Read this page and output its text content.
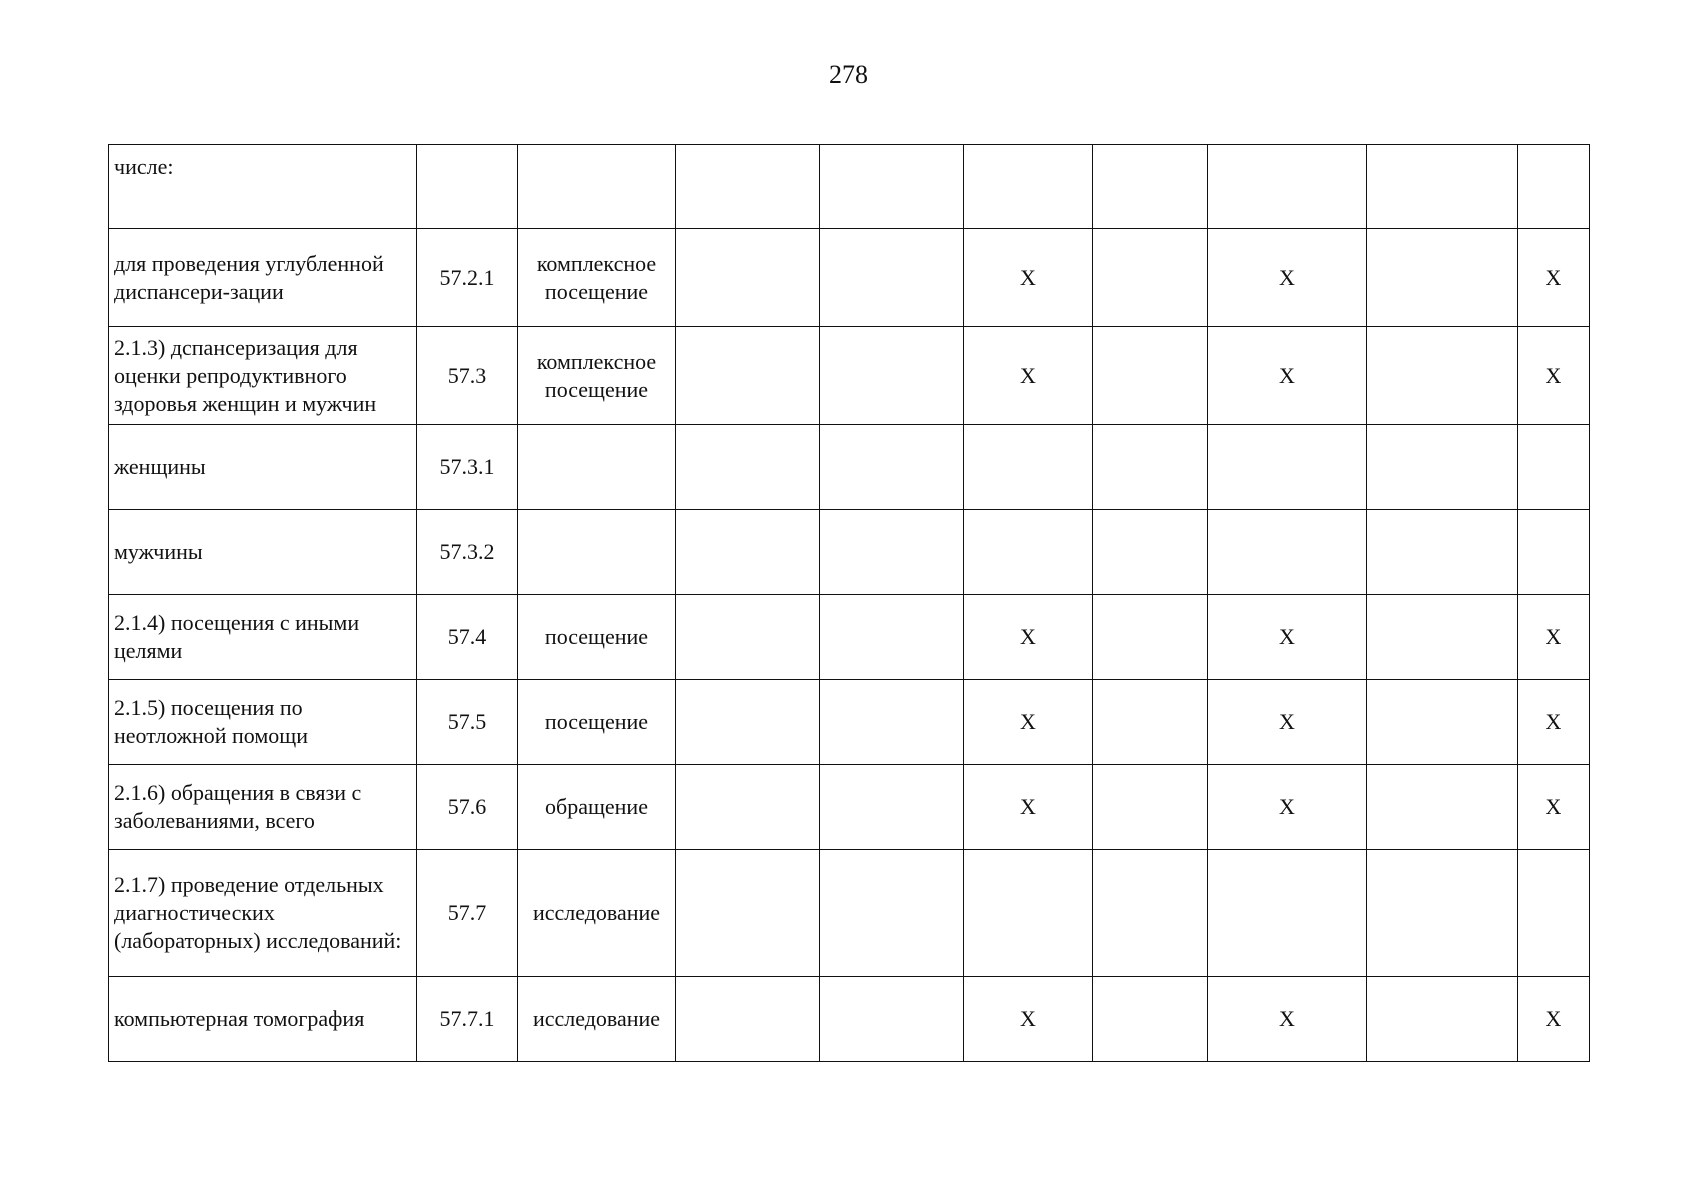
278
числе:									
для проведения углубленной диспансери-зации	57.2.1	комплексное посещение			X		X		X
2.1.3) дспансеризация для оценки репродуктивного здоровья женщин и мужчин	57.3	комплексное посещение			X		X		X
женщины	57.3.1								
мужчины	57.3.2								
2.1.4) посещения с иными целями	57.4	посещение			X		X		X
2.1.5) посещения по неотложной помощи	57.5	посещение			X		X		X
2.1.6) обращения в связи с заболеваниями, всего	57.6	обращение			X		X		X
2.1.7) проведение отдельных диагностических (лабораторных) исследований:	57.7	исследование							
компьютерная томография	57.7.1	исследование			X		X		X
